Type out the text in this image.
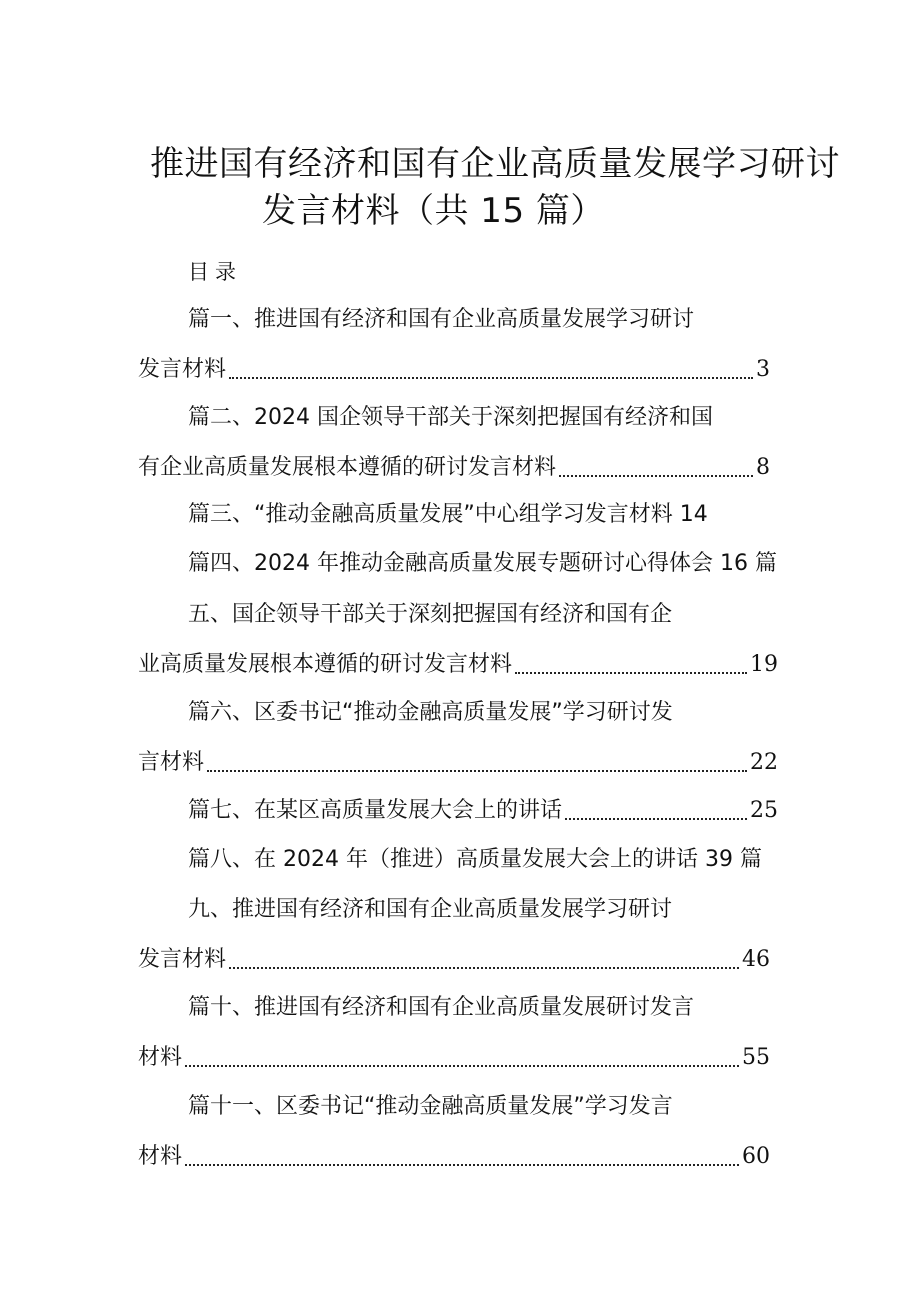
推进国有经济和国有企业高质量发展学习研讨
发言材料（共 15 篇）
目录
篇一、推进国有经济和国有企业高质量发展学习研讨
发言材料	3
篇二、2024 国企领导干部关于深刻把握国有经济和国
有企业高质量发展根本遵循的研讨发言材料	8
篇三、“推动金融高质量发展”中心组学习发言材料 14
篇四、2024 年推动金融高质量发展专题研讨心得体会 16 篇
五、国企领导干部关于深刻把握国有经济和国有企
业高质量发展根本遵循的研讨发言材料	19
篇六、区委书记“推动金融高质量发展”学习研讨发
言材料	22
篇七、在某区高质量发展大会上的讲话	25
篇八、在 2024 年（推进）高质量发展大会上的讲话 39 篇
九、推进国有经济和国有企业高质量发展学习研讨
发言材料	46
篇十、推进国有经济和国有企业高质量发展研讨发言
材料	55
篇十一、区委书记“推动金融高质量发展”学习发言
材料	60
